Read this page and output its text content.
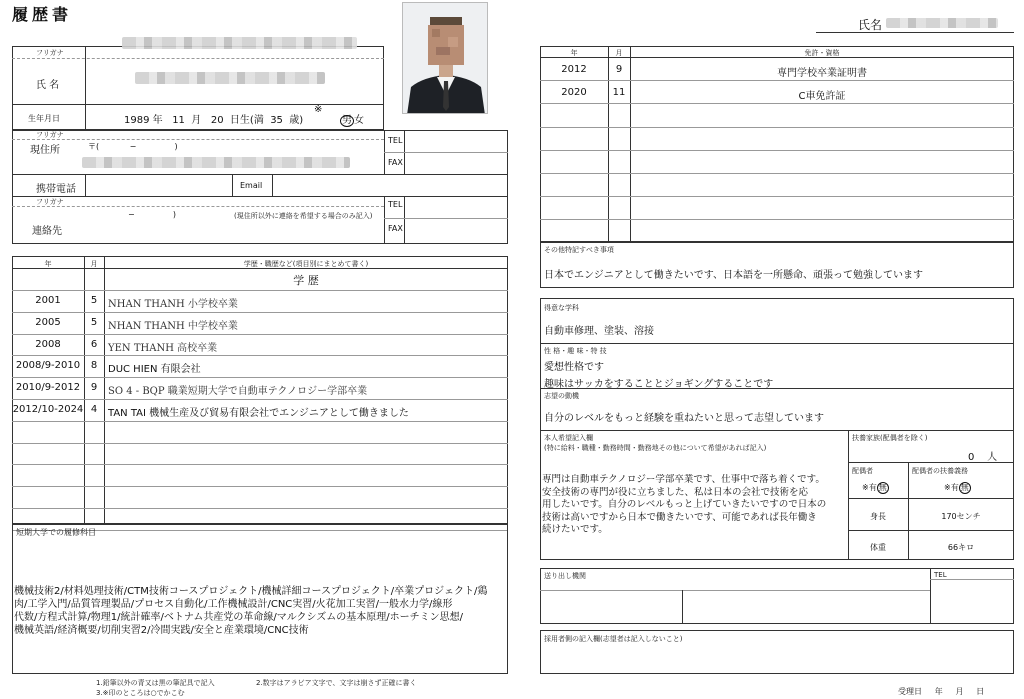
履歴書
氏名
フリガナ
氏 名
生年月日	1989 年 11 月 20 日生(満 35 歳)
※
男 女
フリガナ
現住所	〒(	−	)
TEL
FAX
携帯電話	Email
フリガナ
連絡先
−	)	(現住所以外に連絡を希望する場合のみ記入)
TEL
FAX
年	月	学歴・職歴など(項目別にまとめて書く)
学 歴
2001	5	NHAN THANH 小学校卒業
2005	5	NHAN THANH 中学校卒業
2008	6	YEN THANH 高校卒業
2008/9-2010	8	DUC HIEN 有限会社
2010/9-2012	9	SO 4 - BQP 職業短期大学で自動車テクノロジー学部卒業
2012/10-2024 4	TAN TAI 機械生産及び貿易有限会社でエンジニアとして働きました
短期大学での履修科目
機械技術2/材料処理技術/CTM技術コースプロジェクト/機械詳細コースプロジェクト/卒業プロジェクト/鶏
肉/工学入門/品質管理製品/プロセス自動化/工作機械設計/CNC実習/火花加工実習/一般水力学/線形
代数/方程式計算/物理1/統計確率/ベトナム共産党の革命線/マルクシズムの基本原理/ホーチミン思想/
機械英語/経済概要/切削実習2/冷間実践/安全と産業環境/CNC技術
1.鉛筆以外の青又は黒の筆記具で記入	2.数字はアラビア文字で、文字は崩さず正確に書く
3.※印のところは○でかこむ
年	月	免許・資格
2012	9	専門学校卒業証明書
2020	11	C車免許証
その他特記すべき事項
日本でエンジニアとして働きたいです、日本語を一所懸命、頑張って勉強しています
得意な学科
自動車修理、塗装、溶接
性 格・趣 味・特 技
愛想性格です
趣味はサッカをすることとジョギングすることです
志望の動機
自分のレベルをもっと経験を重ねたいと思って志望しています
本人希望記入欄
(特に給料・職種・勤務時間・勤務地その他について希望があれば記入)
専門は自動車テクノロジー学部卒業です、仕事中で落ち着くです。
安全技術の専門が役に立ちました、私は日本の会社で技術を応
用したいです。自分のレベルもっと上げていきたいですので日本の
技術は高いですから日本で働きたいです、可能であれば長年働き
続けたいです。
扶養家族(配偶者を除く)
0 人
配偶者
※有 無
配偶者の扶養義務
※有 無
身長	170センチ
体重	66キロ
送り出し機関	TEL
採用者側の記入欄(志望者は記入しないこと)
受理日 年 月 日
